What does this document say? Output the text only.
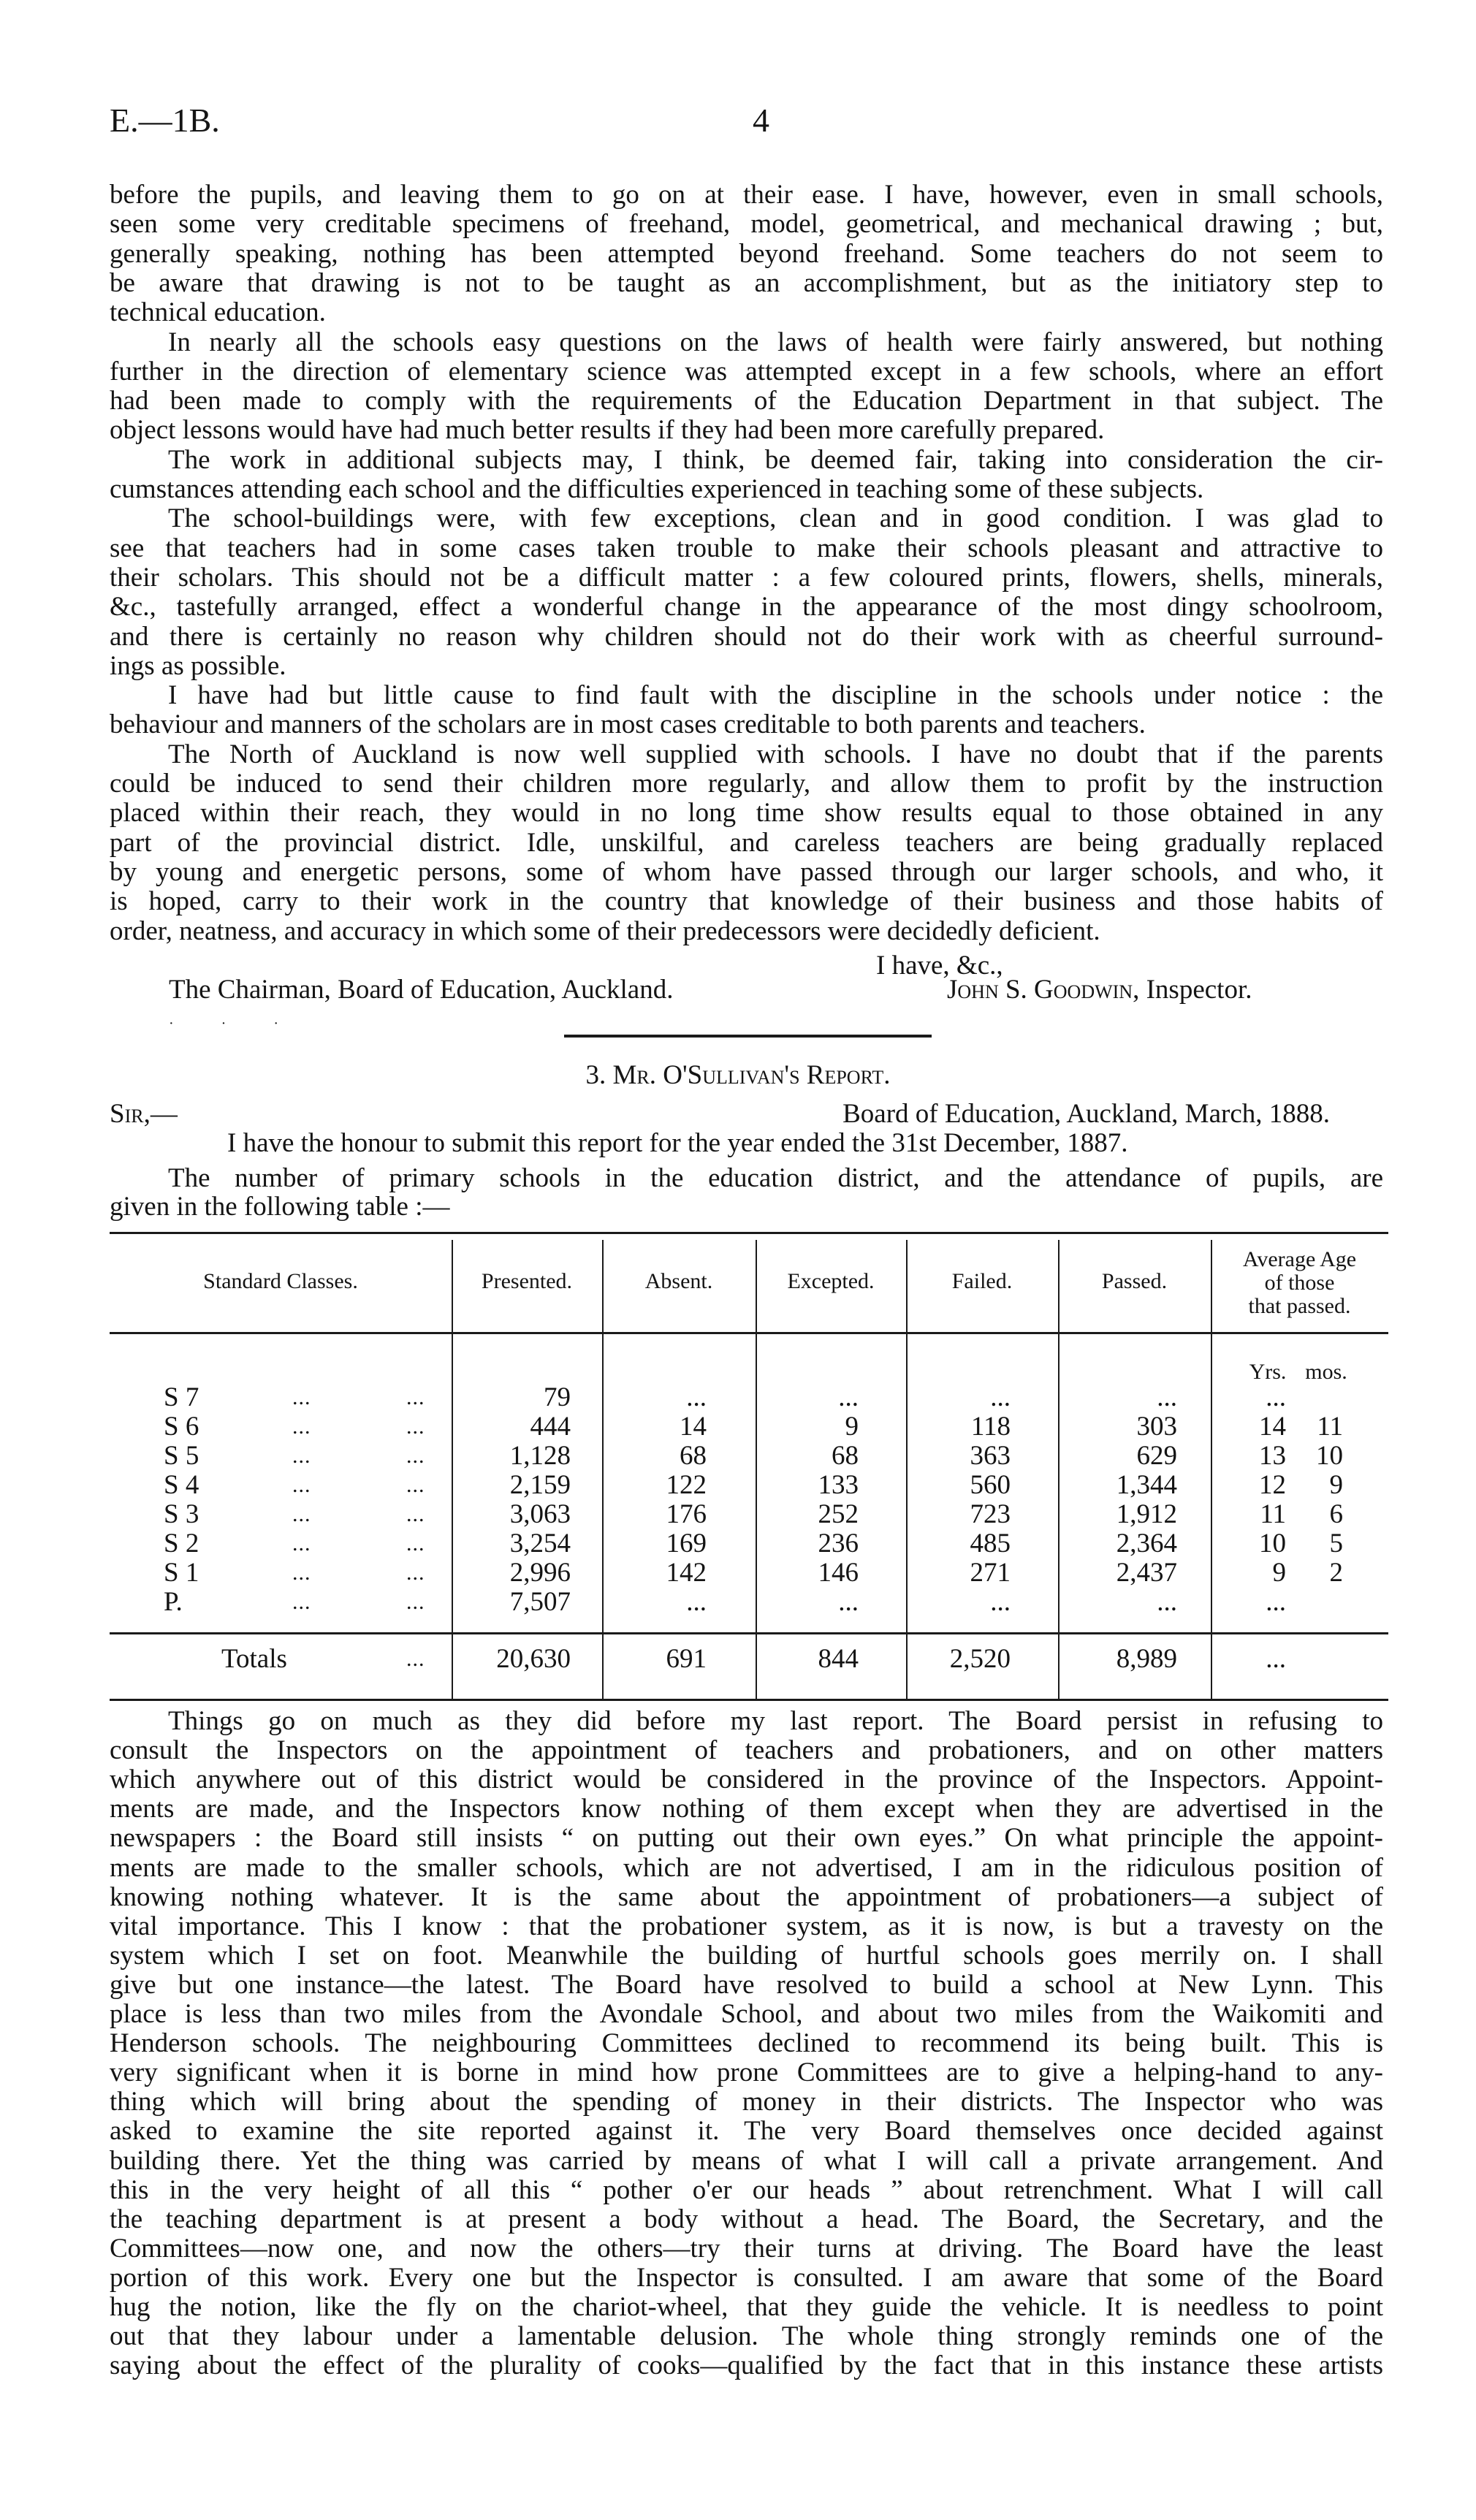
E.—1B.	4
before the pupils, and leaving them to go on at their ease. I have, however, even in small schools,
seen some very creditable specimens of freehand, model, geometrical, and mechanical drawing ; but,
generally speaking, nothing has been attempted beyond freehand. Some teachers do not seem to
be aware that drawing is not to be taught as an accomplishment, but as the initiatory step to
technical education.
In nearly all the schools easy questions on the laws of health were fairly answered, but nothing
further in the direction of elementary science was attempted except in a few schools, where an effort
had been made to comply with the requirements of the Education Department in that subject. The
object lessons would have had much better results if they had been more carefully prepared.
The work in additional subjects may, I think, be deemed fair, taking into consideration the cir-
cumstances attending each school and the difficulties experienced in teaching some of these subjects.
The school-buildings were, with few exceptions, clean and in good condition. I was glad to
see that teachers had in some cases taken trouble to make their schools pleasant and attractive to
their scholars. This should not be a difficult matter : a few coloured prints, flowers, shells, minerals,
&c., tastefully arranged, effect a wonderful change in the appearance of the most dingy schoolroom,
and there is certainly no reason why children should not do their work with as cheerful surround-
ings as possible.
I have had but little cause to find fault with the discipline in the schools under notice : the
behaviour and manners of the scholars are in most cases creditable to both parents and teachers.
The North of Auckland is now well supplied with schools. I have no doubt that if the parents
could be induced to send their children more regularly, and allow them to profit by the instruction
placed within their reach, they would in no long time show results equal to those obtained in any
part of the provincial district. Idle, unskilful, and careless teachers are being gradually replaced
by young and energetic persons, some of whom have passed through our larger schools, and who, it
is hoped, carry to their work in the country that knowledge of their business and those habits of
order, neatness, and accuracy in which some of their predecessors were decidedly deficient.
I have, &c.,
The Chairman, Board of Education, Auckland.	John S. Goodwin, Inspector.
· · ·
3. Mr. O'Sullivan's Report.
Sir,—	Board of Education, Auckland, March, 1888.
I have the honour to submit this report for the year ended the 31st December, 1887.
The number of primary schools in the education district, and the attendance of pupils, are
given in the following table :—
Standard Classes.	Presented.	Absent.	Excepted.	Failed.	Passed.
Average Age
of those
that passed.
Yrs. mos.
S 7	...	...	79	...	...	...	...	...
S 6	...	...	444	14	9	118	303	14 11
S 5	...	...	1,128	68	68	363	629	13 10
S 4	...	...	2,159	122	133	560	1,344	12 9
S 3	...	...	3,063	176	252	723	1,912	11 6
S 2	...	...	3,254	169	236	485	2,364	10 5
S 1	...	...	2,996	142	146	271	2,437	9 2
P.	...	...	7,507	...	...	...	...	...
Totals	...	20,630	691	844	2,520	8,989	...
Things go on much as they did before my last report. The Board persist in refusing to
consult the Inspectors on the appointment of teachers and probationers, and on other matters
which anywhere out of this district would be considered in the province of the Inspectors. Appoint-
ments are made, and the Inspectors know nothing of them except when they are advertised in the
newspapers : the Board still insists “ on putting out their own eyes.” On what principle the appoint-
ments are made to the smaller schools, which are not advertised, I am in the ridiculous position of
knowing nothing whatever. It is the same about the appointment of probationers—a subject of
vital importance. This I know : that the probationer system, as it is now, is but a travesty on the
system which I set on foot. Meanwhile the building of hurtful schools goes merrily on. I shall
give but one instance—the latest. The Board have resolved to build a school at New Lynn. This
place is less than two miles from the Avondale School, and about two miles from the Waikomiti and
Henderson schools. The neighbouring Committees declined to recommend its being built. This is
very significant when it is borne in mind how prone Committees are to give a helping-hand to any-
thing which will bring about the spending of money in their districts. The Inspector who was
asked to examine the site reported against it. The very Board themselves once decided against
building there. Yet the thing was carried by means of what I will call a private arrangement. And
this in the very height of all this “ pother o'er our heads ” about retrenchment. What I will call
the teaching department is at present a body without a head. The Board, the Secretary, and the
Committees—now one, and now the others—try their turns at driving. The Board have the least
portion of this work. Every one but the Inspector is consulted. I am aware that some of the Board
hug the notion, like the fly on the chariot-wheel, that they guide the vehicle. It is needless to point
out that they labour under a lamentable delusion. The whole thing strongly reminds one of the
saying about the effect of the plurality of cooks—qualified by the fact that in this instance these artists
